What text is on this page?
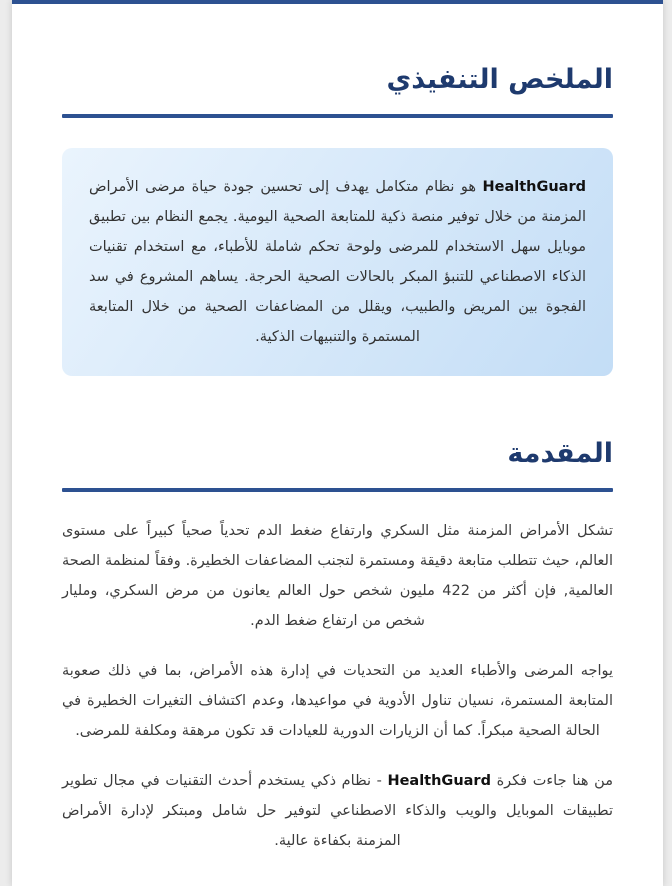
الملخص التنفيذي

HealthGuard هو نظام متكامل يهدف إلى تحسين جودة حياة مرضى الأمراض المزمنة من خلال توفير منصة ذكية للمتابعة الصحية اليومية. يجمع النظام بين تطبيق موبايل سهل الاستخدام للمرضى ولوحة تحكم شاملة للأطباء، مع استخدام تقنيات الذكاء الاصطناعي للتنبؤ المبكر بالحالات الصحية الحرجة. يساهم المشروع في سد الفجوة بين المريض والطبيب، ويقلل من المضاعفات الصحية من خلال المتابعة المستمرة والتنبيهات الذكية.

المقدمة

تشكل الأمراض المزمنة مثل السكري وارتفاع ضغط الدم تحدياً صحياً كبيراً على مستوى العالم، حيث تتطلب متابعة دقيقة ومستمرة لتجنب المضاعفات الخطيرة. وفقاً لمنظمة الصحة العالمية, فإن أكثر من 422 مليون شخص حول العالم يعانون من مرض السكري، ومليار شخص من ارتفاع ضغط الدم.

يواجه المرضى والأطباء العديد من التحديات في إدارة هذه الأمراض، بما في ذلك صعوبة المتابعة المستمرة، نسيان تناول الأدوية في مواعيدها، وعدم اكتشاف التغيرات الخطيرة في الحالة الصحية مبكراً. كما أن الزيارات الدورية للعيادات قد تكون مرهقة ومكلفة للمرضى.

من هنا جاءت فكرة HealthGuard - نظام ذكي يستخدم أحدث التقنيات في مجال تطوير تطبيقات الموبايل والويب والذكاء الاصطناعي لتوفير حل شامل ومبتكر لإدارة الأمراض المزمنة بكفاءة عالية.
